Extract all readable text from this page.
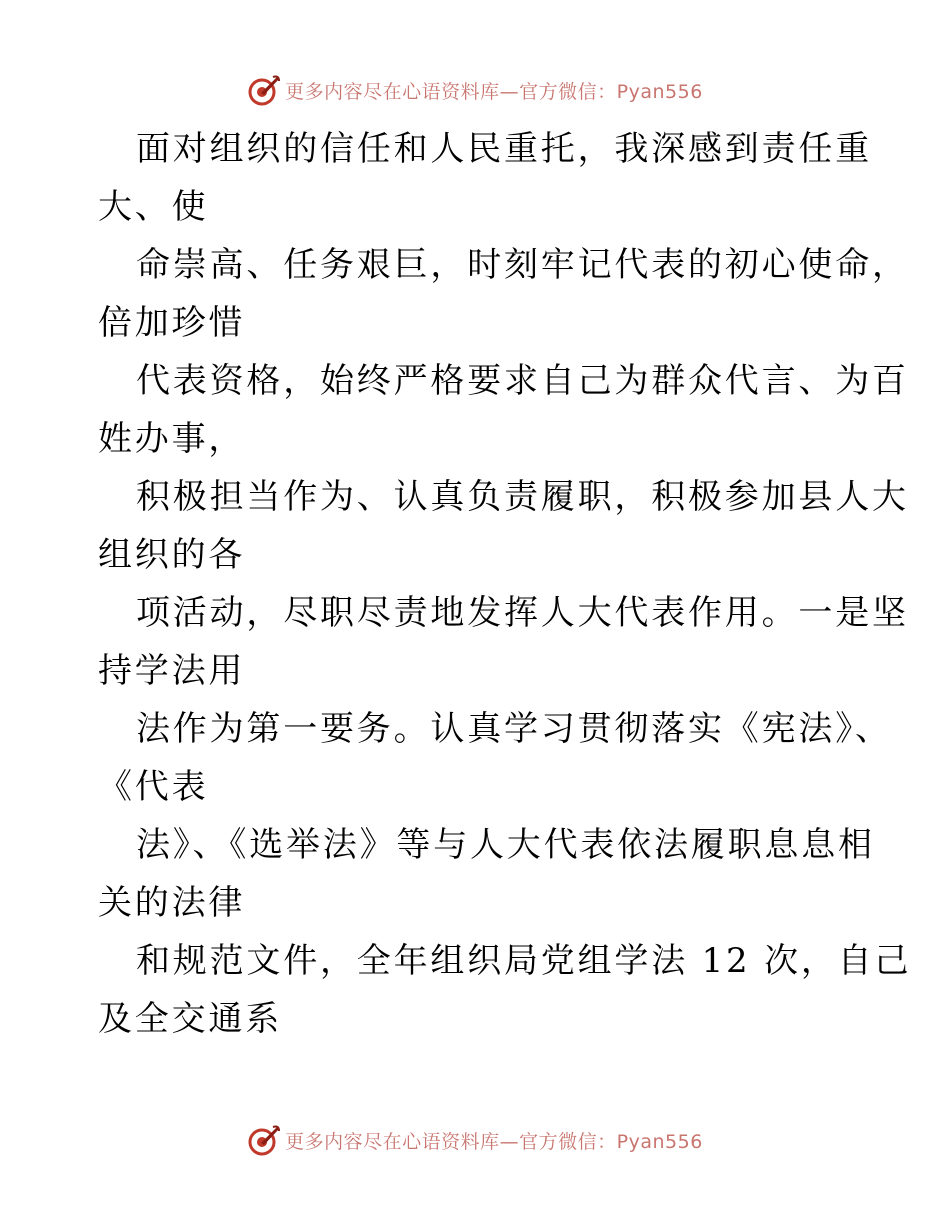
更多内容尽在心语资料库—官方微信：Pyan556

面对组织的信任和人民重托，我深感到责任重
大、使

命崇高、任务艰巨，时刻牢记代表的初心使命，
倍加珍惜

代表资格，始终严格要求自己为群众代言、为百
姓办事，

积极担当作为、认真负责履职，积极参加县人大
组织的各

项活动，尽职尽责地发挥人大代表作用。一是坚
持学法用

法作为第一要务。认真学习贯彻落实《宪法》、
《代表

法》、《选举法》等与人大代表依法履职息息相
关的法律

和规范文件，全年组织局党组学法 12 次，自己
及全交通系

更多内容尽在心语资料库—官方微信：Pyan556
